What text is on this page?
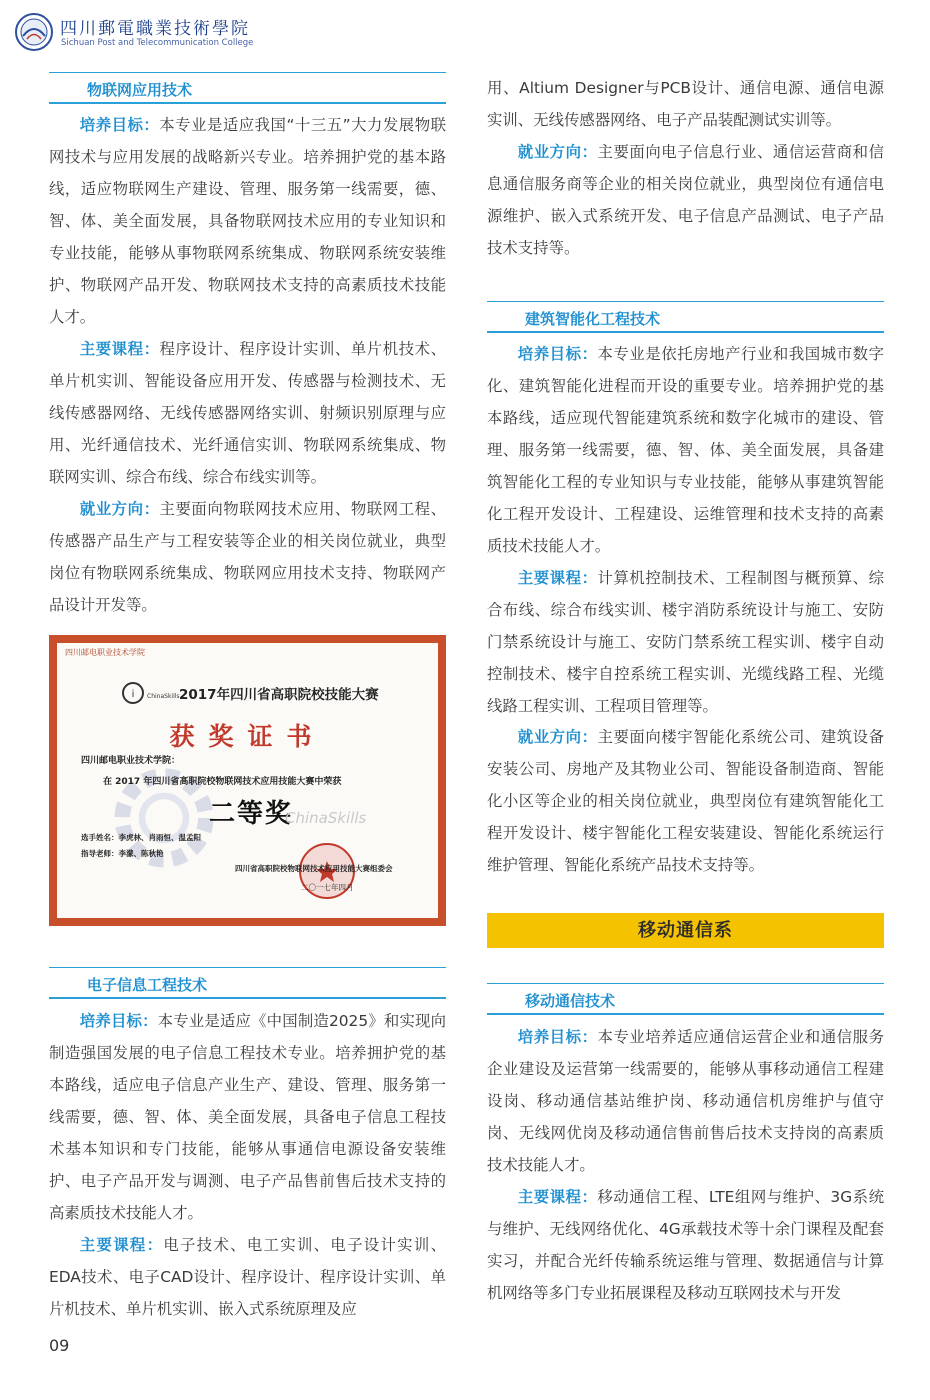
四川郵電職業技術學院
Sichuan Post and Telecommunication College
物联网应用技术

培养目标：本专业是适应我国“十三五”大力发展物联网技术与应用发展的战略新兴专业。培养拥护党的基本路线，适应物联网生产建设、管理、服务第一线需要，德、智、体、美全面发展，具备物联网技术应用的专业知识和专业技能，能够从事物联网系统集成、物联网系统安装维护、物联网产品开发、物联网技术支持的高素质技术技能人才。

主要课程：程序设计、程序设计实训、单片机技术、单片机实训、智能设备应用开发、传感器与检测技术、无线传感器网络、无线传感器网络实训、射频识别原理与应用、光纤通信技术、光纤通信实训、物联网系统集成、物联网实训、综合布线、综合布线实训等。

就业方向：主要面向物联网技术应用、物联网工程、传感器产品生产与工程安装等企业的相关岗位就业，典型岗位有物联网系统集成、物联网应用技术支持、物联网产品设计开发等。

四川邮电职业技术学院
i ChinaSkills 2017年四川省高职院校技能大赛
获奖证书
四川邮电职业技术学院：
在 2017 年四川省高职院校物联网技术应用技能大赛中荣获
二等奖
ChinaSkills
选手姓名：李虎林、肖雨恒、温孟阳
指导老师：李濛、陈秋艳
四川省高职院校物联网技术应用技能大赛组委会
二〇一七年四月
电子信息工程技术

培养目标：本专业是适应《中国制造2025》和实现向制造强国发展的电子信息工程技术专业。培养拥护党的基本路线，适应电子信息产业生产、建设、管理、服务第一线需要，德、智、体、美全面发展，具备电子信息工程技术基本知识和专门技能，能够从事通信电源设备安装维护、电子产品开发与调测、电子产品售前售后技术支持的高素质技术技能人才。

主要课程：电子技术、电工实训、电子设计实训、EDA技术、电子CAD设计、程序设计、程序设计实训、单片机技术、单片机实训、嵌入式系统原理及应

09

用、Altium Designer与PCB设计、通信电源、通信电源实训、无线传感器网络、电子产品装配测试实训等。

就业方向：主要面向电子信息行业、通信运营商和信息通信服务商等企业的相关岗位就业，典型岗位有通信电源维护、嵌入式系统开发、电子信息产品测试、电子产品技术支持等。

建筑智能化工程技术

培养目标：本专业是依托房地产行业和我国城市数字化、建筑智能化进程而开设的重要专业。培养拥护党的基本路线，适应现代智能建筑系统和数字化城市的建设、管理、服务第一线需要，德、智、体、美全面发展，具备建筑智能化工程的专业知识与专业技能，能够从事建筑智能化工程开发设计、工程建设、运维管理和技术支持的高素质技术技能人才。

主要课程：计算机控制技术、工程制图与概预算、综合布线、综合布线实训、楼宇消防系统设计与施工、安防门禁系统设计与施工、安防门禁系统工程实训、楼宇自动控制技术、楼宇自控系统工程实训、光缆线路工程、光缆线路工程实训、工程项目管理等。

就业方向：主要面向楼宇智能化系统公司、建筑设备安装公司、房地产及其物业公司、智能设备制造商、智能化小区等企业的相关岗位就业，典型岗位有建筑智能化工程开发设计、楼宇智能化工程安装建设、智能化系统运行维护管理、智能化系统产品技术支持等。

移动通信系
移动通信技术

培养目标：本专业培养适应通信运营企业和通信服务企业建设及运营第一线需要的，能够从事移动通信工程建设岗、移动通信基站维护岗、移动通信机房维护与值守岗、无线网优岗及移动通信售前售后技术支持岗的高素质技术技能人才。

主要课程：移动通信工程、LTE组网与维护、3G系统与维护、无线网络优化、4G承载技术等十余门课程及配套实习，并配合光纤传输系统运维与管理、数据通信与计算机网络等多门专业拓展课程及移动互联网技术与开发
